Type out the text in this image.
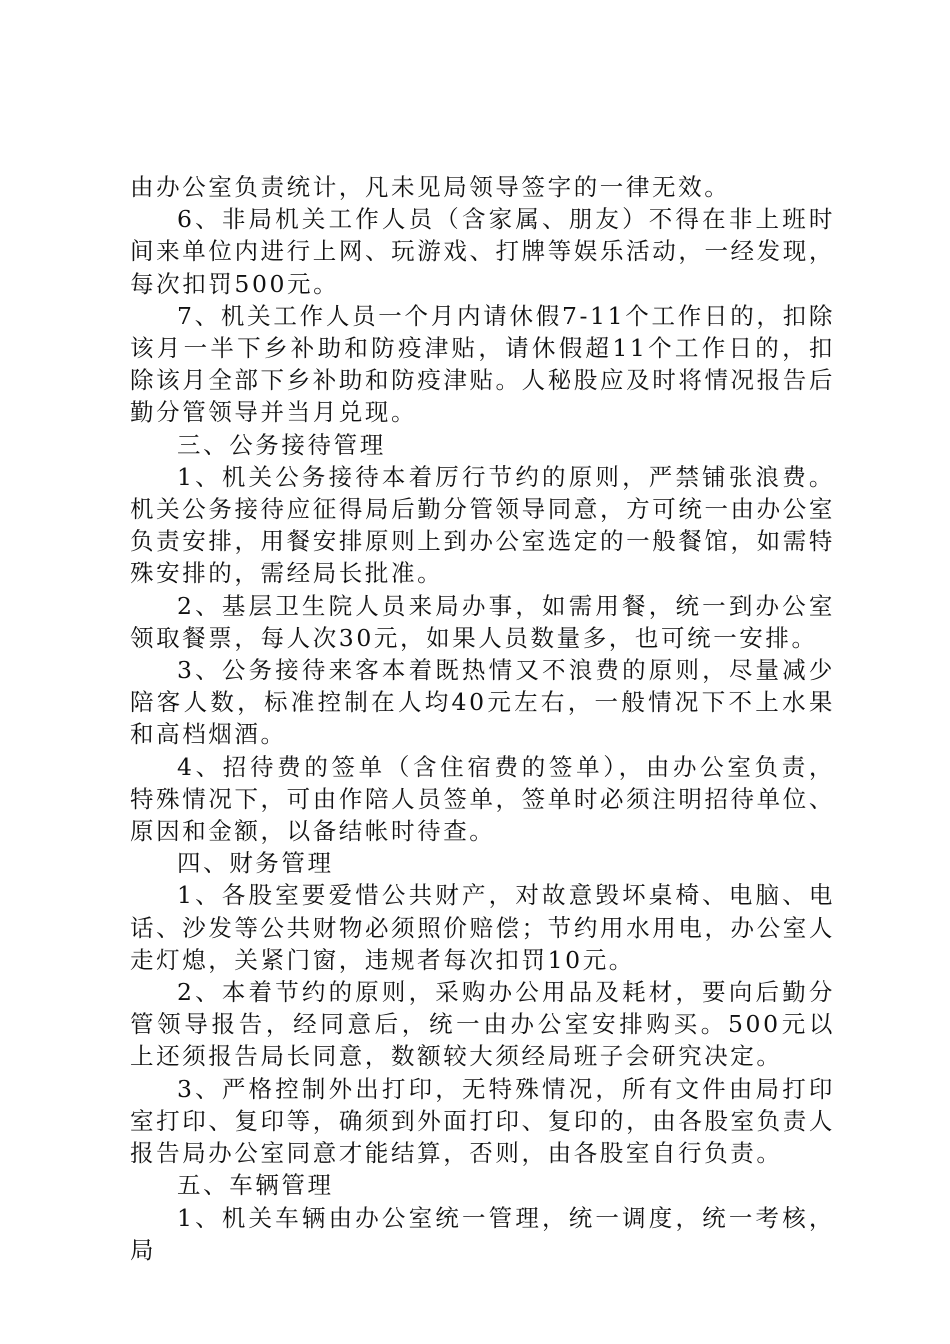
由办公室负责统计，凡未见局领导签字的一律无效。

6、非局机关工作人员（含家属、朋友）不得在非上班时间来单位内进行上网、玩游戏、打牌等娱乐活动，一经发现，每次扣罚500元。

7、机关工作人员一个月内请休假7-11个工作日的，扣除该月一半下乡补助和防疫津贴，请休假超11个工作日的，扣除该月全部下乡补助和防疫津贴。人秘股应及时将情况报告后勤分管领导并当月兑现。

三、公务接待管理

1、机关公务接待本着厉行节约的原则，严禁铺张浪费。机关公务接待应征得局后勤分管领导同意，方可统一由办公室负责安排，用餐安排原则上到办公室选定的一般餐馆，如需特殊安排的，需经局长批准。

2、基层卫生院人员来局办事，如需用餐，统一到办公室领取餐票，每人次30元，如果人员数量多，也可统一安排。

3、公务接待来客本着既热情又不浪费的原则，尽量减少陪客人数，标准控制在人均40元左右，一般情况下不上水果和高档烟酒。

4、招待费的签单（含住宿费的签单），由办公室负责，特殊情况下，可由作陪人员签单，签单时必须注明招待单位、原因和金额，以备结帐时待查。

四、财务管理

1、各股室要爱惜公共财产，对故意毁坏桌椅、电脑、电话、沙发等公共财物必须照价赔偿；节约用水用电，办公室人走灯熄，关紧门窗，违规者每次扣罚10元。

2、本着节约的原则，采购办公用品及耗材，要向后勤分管领导报告，经同意后，统一由办公室安排购买。500元以上还须报告局长同意，数额较大须经局班子会研究决定。

3、严格控制外出打印，无特殊情况，所有文件由局打印室打印、复印等，确须到外面打印、复印的，由各股室负责人报告局办公室同意才能结算，否则，由各股室自行负责。

五、车辆管理

1、机关车辆由办公室统一管理，统一调度，统一考核，局
